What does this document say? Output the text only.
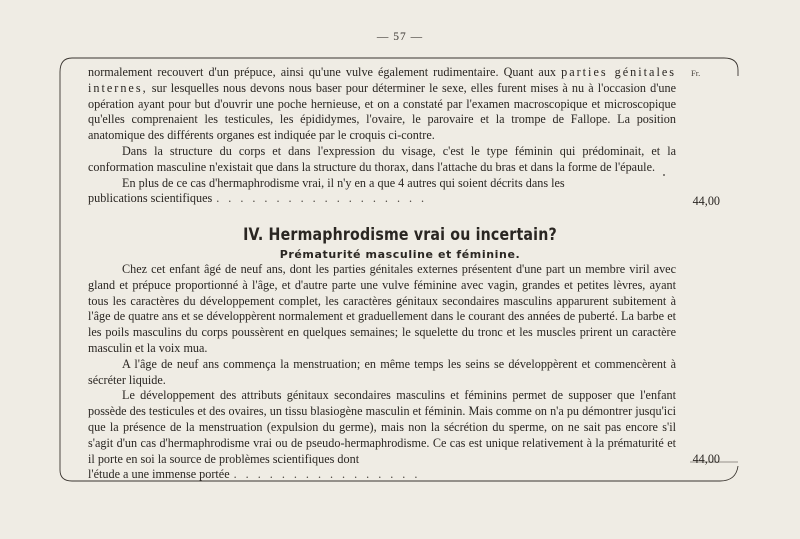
— 57 —
Fr.

normalement recouvert d'un prépuce, ainsi qu'une vulve également rudimentaire. Quant aux parties génitales internes, sur lesquelles nous devons nous baser pour déterminer le sexe, elles furent mises à nu à l'occasion d'une opération ayant pour but d'ouvrir une poche hernieuse, et on a constaté par l'examen macroscopique et microscopique qu'elles comprenaient les testicules, les épididymes, l'ovaire, le parovaire et la trompe de Fallope. La position anatomique des différents organes est indiquée par le croquis ci-contre.

Dans la structure du corps et dans l'expression du visage, c'est le type féminin qui prédominait, et la conformation masculine n'existait que dans la structure du thorax, dans l'attache du bras et dans la forme de l'épaule.

En plus de ce cas d'hermaphrodisme vrai, il n'y en a que 4 autres qui soient décrits dans les

publications scientifiques ..................	44,00
IV. Hermaphrodisme vrai ou incertain?
Prématurité masculine et féminine.

Chez cet enfant âgé de neuf ans, dont les parties génitales externes présentent d'une part un membre viril avec gland et prépuce proportionné à l'âge, et d'autre parte une vulve féminine avec vagin, grandes et petites lèvres, ayant tous les caractères du développement complet, les caractères génitaux secondaires masculins apparurent subitement à l'âge de quatre ans et se développèrent normalement et graduellement dans le courant des années de puberté. La barbe et les poils masculins du corps poussèrent en quelques semaines; le squelette du tronc et les muscles prirent un caractère masculin et la voix mua.

A l'âge de neuf ans commença la menstruation; en même temps les seins se développèrent et commencèrent à sécréter liquide.

Le développement des attributs génitaux secondaires masculins et féminins permet de supposer que l'enfant possède des testicules et des ovaires, un tissu blasiogène masculin et féminin. Mais comme on n'a pu démontrer jusqu'ici que la présence de la menstruation (expulsion du germe), mais non la sécrétion du sperme, on ne sait pas encore s'il s'agit d'un cas d'hermaphrodisme vrai ou de pseudo-hermaphrodisme. Ce cas est unique relativement à la prématurité et il porte en soi la source de problèmes scientifiques dont

l'étude a une immense portée ................
44,00
